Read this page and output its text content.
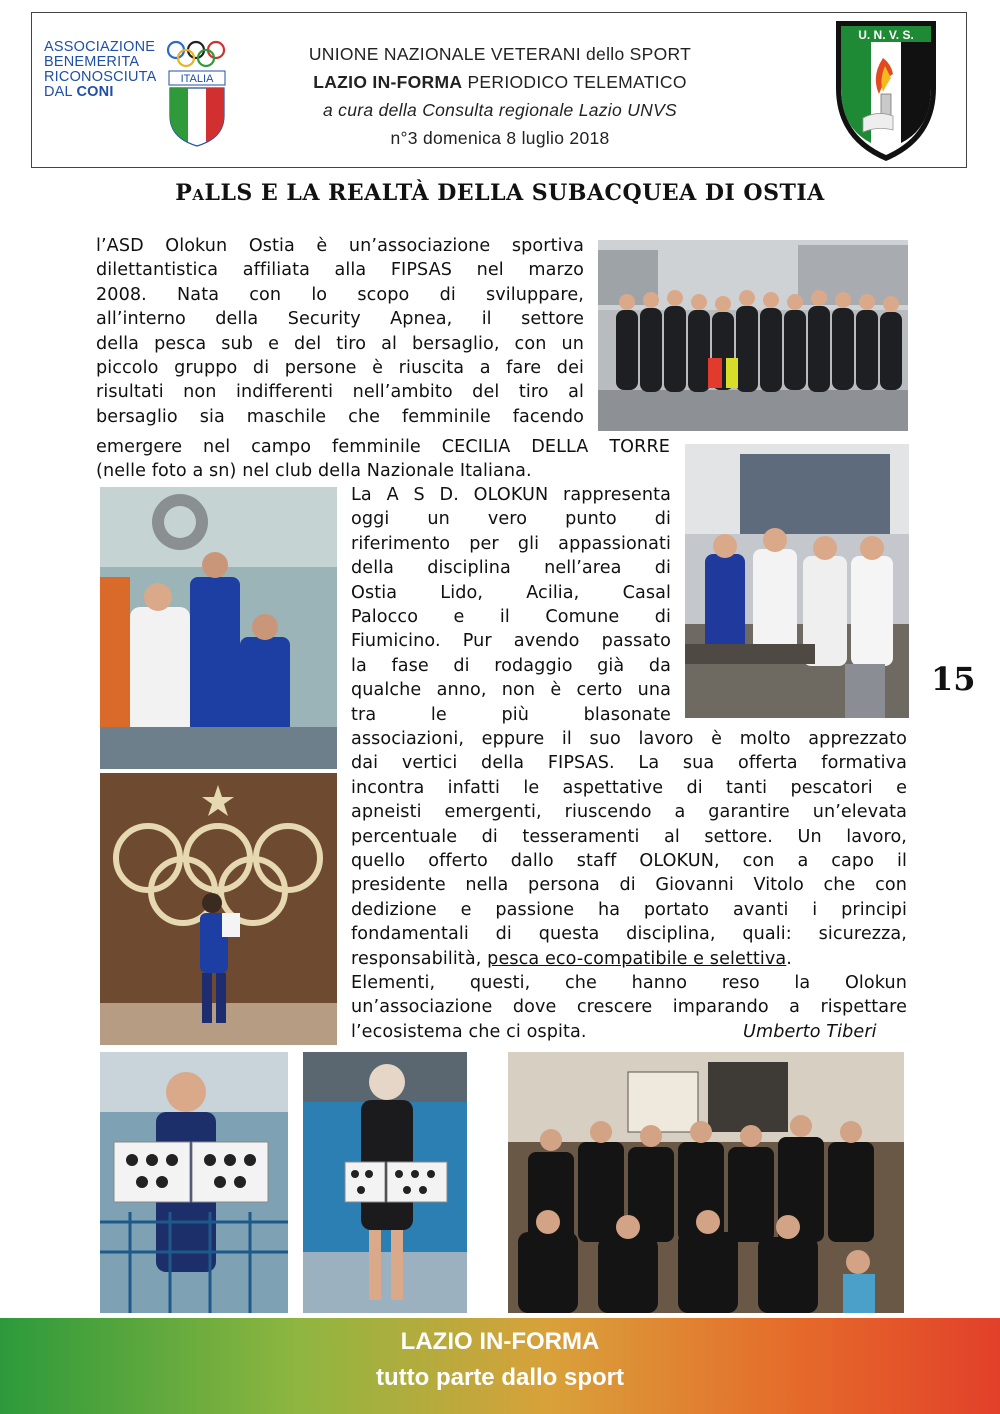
ASSOCIAZIONE
BENEMERITA
RICONOSCIUTA
DAL CONI
ITALIA
UNIONE NAZIONALE VETERANI dello SPORT
LAZIO IN-FORMA PERIODICO TELEMATICO
a cura della Consulta regionale Lazio UNVS
n°3 domenica 8 luglio 2018
U. N. V. S.
PaLLS E LA REALTÀ DELLA SUBACQUEA DI OSTIA
l’ASD Olokun Ostia è un’associazione sportiva
dilettantistica affiliata alla FIPSAS nel marzo
2008. Nata con lo scopo di sviluppare,
all’interno della Security Apnea, il settore
della pesca sub e del tiro al bersaglio, con un
piccolo gruppo di persone è riuscita a fare dei
risultati non indifferenti nell’ambito del tiro al
bersaglio sia maschile che femminile facendo
emergere nel campo femminile CECILIA DELLA TORRE
(nelle foto a sn) nel club della Nazionale Italiana.
La A S D. OLOKUN rappresenta
oggi un vero punto di
riferimento per gli appassionati
della disciplina nell’area di
Ostia Lido, Acilia, Casal
Palocco e il Comune di
Fiumicino. Pur avendo passato
la fase di rodaggio già da
qualche anno, non è certo una
tra le più blasonate
associazioni, eppure il suo lavoro è molto apprezzato
dai vertici della FIPSAS. La sua offerta formativa
incontra infatti le aspettative di tanti pescatori e
apneisti emergenti, riuscendo a garantire un’elevata
percentuale di tesseramenti al settore. Un lavoro,
quello offerto dallo staff OLOKUN, con a capo il
presidente nella persona di Giovanni Vitolo che con
dedizione e passione ha portato avanti i principi
fondamentali di questa disciplina, quali: sicurezza,
responsabilità, pesca eco-compatibile e selettiva.
Elementi, questi, che hanno reso la Olokun
un’associazione dove crescere imparando a rispettare
l’ecosistema che ci ospita.	Umberto Tiberi
15
LAZIO IN-FORMA
tutto parte dallo sport
